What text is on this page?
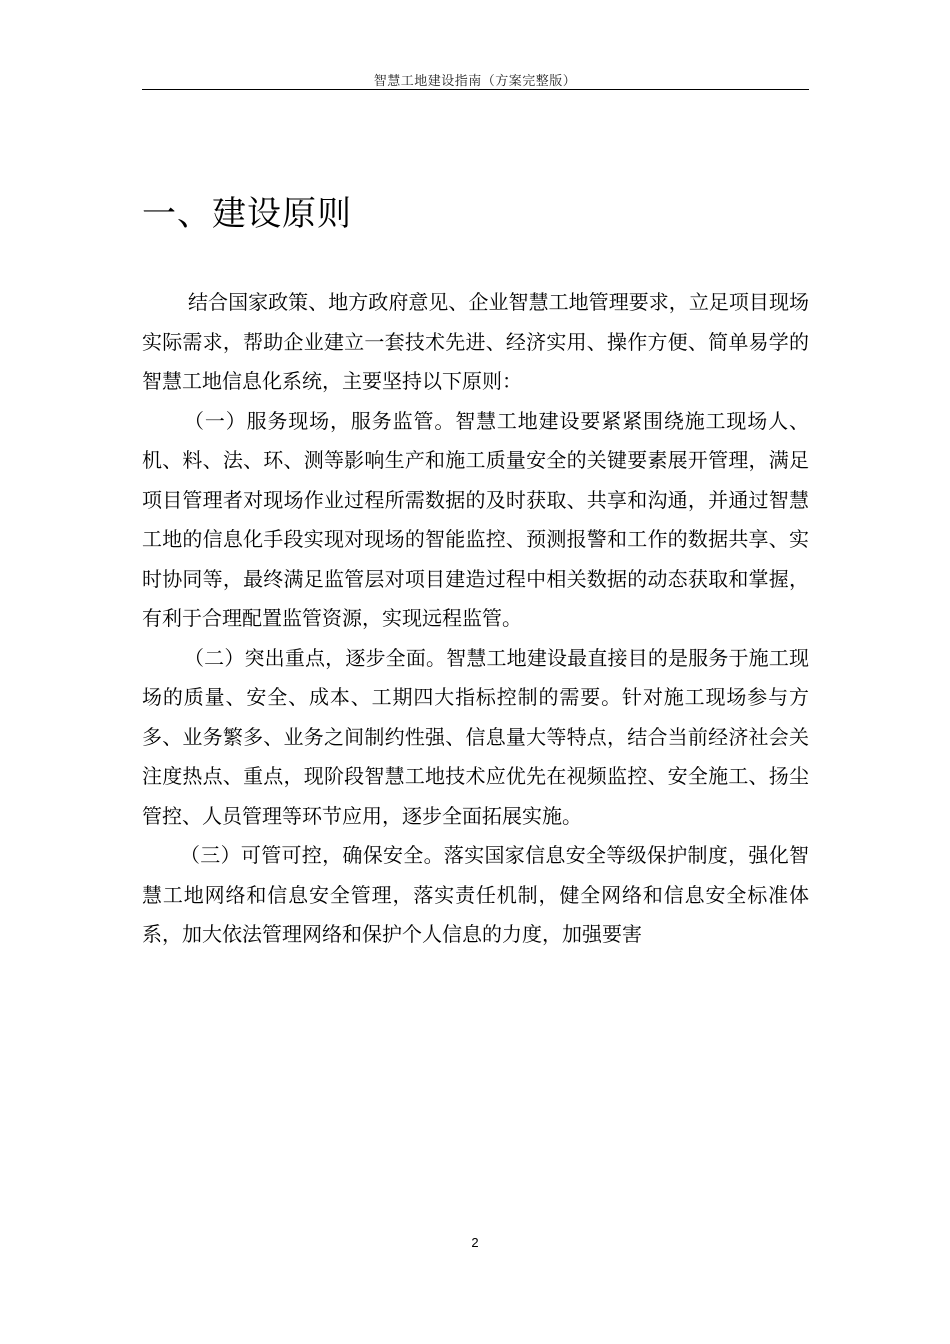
智慧工地建设指南（方案完整版）
一、建设原则

结合国家政策、地方政府意见、企业智慧工地管理要求，立足项目现场实际需求，帮助企业建立一套技术先进、经济实用、操作方便、简单易学的智慧工地信息化系统，主要坚持以下原则：

（一）服务现场，服务监管。智慧工地建设要紧紧围绕施工现场人、机、料、法、环、测等影响生产和施工质量安全的关键要素展开管理，满足项目管理者对现场作业过程所需数据的及时获取、共享和沟通，并通过智慧工地的信息化手段实现对现场的智能监控、预测报警和工作的数据共享、实时协同等，最终满足监管层对项目建造过程中相关数据的动态获取和掌握，有利于合理配置监管资源，实现远程监管。

（二）突出重点，逐步全面。智慧工地建设最直接目的是服务于施工现场的质量、安全、成本、工期四大指标控制的需要。针对施工现场参与方多、业务繁多、业务之间制约性强、信息量大等特点，结合当前经济社会关注度热点、重点，现阶段智慧工地技术应优先在视频监控、安全施工、扬尘管控、人员管理等环节应用，逐步全面拓展实施。

（三）可管可控，确保安全。落实国家信息安全等级保护制度，强化智慧工地网络和信息安全管理，落实责任机制，健全网络和信息安全标准体系，加大依法管理网络和保护个人信息的力度，加强要害

2
